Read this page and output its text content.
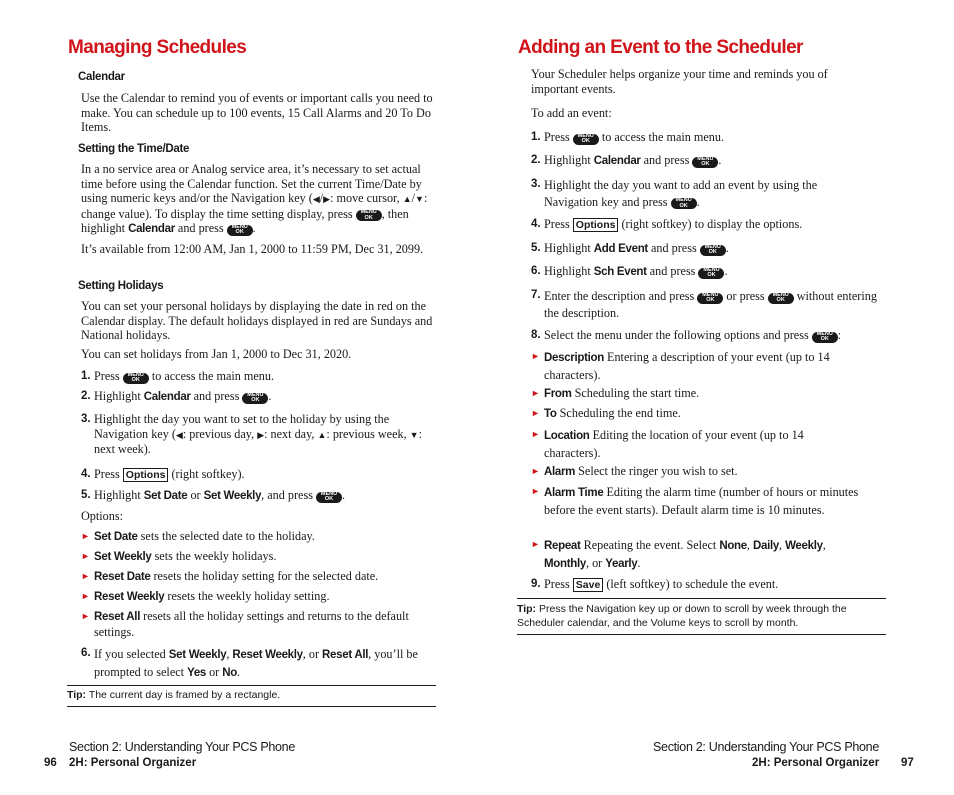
Managing Schedules
Calendar

Use the Calendar to remind you of events or important calls you need to make. You can schedule up to 100 events, 15 Call Alarms and 20 To Do Items.

Setting the Time/Date

In a no service area or Analog service area, it’s necessary to set actual time before using the Calendar function. Set the current Time/Date by using numeric keys and/or the Navigation key (◀/▶: move cursor, ▲/▼: change value). To display the time setting display, press MENU
OK , then highlight Calendar and press MENU
OK .

It’s available from 12:00 AM, Jan 1, 2000 to 11:59 PM, Dec 31, 2099.

Setting Holidays

You can set your personal holidays by displaying the date in red on the Calendar display. The default holidays displayed in red are Sundays and National holidays.

You can set holidays from Jan 1, 2000 to Dec 31, 2020.

1. Press MENU
OK to access the main menu.

2. Highlight Calendar and press MENU
OK .

3. Highlight the day you want to set to the holiday by using the Navigation key (◀: previous day, ▶: next day, ▲: previous week, ▼: next week).

4. Press Options (right softkey).

5. Highlight Set Date or Set Weekly, and press MENU
OK .

Options:

► Set Date sets the selected date to the holiday.

► Set Weekly sets the weekly holidays.

► Reset Date resets the holiday setting for the selected date.

► Reset Weekly resets the weekly holiday setting.

► Reset All resets all the holiday settings and returns to the default settings.

6. If you selected Set Weekly, Reset Weekly, or Reset All, you’ll be prompted to select Yes or No.

Tip: The current day is framed by a rectangle.
Section 2: Understanding Your PCS Phone
96 2H: Personal Organizer
Adding an Event to the Scheduler

Your Scheduler helps organize your time and reminds you of important events.

To add an event:

1. Press MENU
OK to access the main menu.

2. Highlight Calendar and press MENU
OK .

3. Highlight the day you want to add an event by using the Navigation key and press MENU
OK .

4. Press Options (right softkey) to display the options.

5. Highlight Add Event and press MENU
OK .

6. Highlight Sch Event and press MENU
OK .

7. Enter the description and press MENU
OK or press MENU
OK without entering the description.

8. Select the menu under the following options and press MENU
OK :

► Description Entering a description of your event (up to 14 characters).

► From Scheduling the start time.

► To Scheduling the end time.

► Location Editing the location of your event (up to 14 characters).

► Alarm Select the ringer you wish to set.

► Alarm Time Editing the alarm time (number of hours or minutes before the event starts). Default alarm time is 10 minutes.

► Repeat Repeating the event. Select None, Daily, Weekly, Monthly, or Yearly.

9. Press Save (left softkey) to schedule the event.

Tip: Press the Navigation key up or down to scroll by week through the Scheduler calendar, and the Volume keys to scroll by month.
Section 2: Understanding Your PCS Phone
2H: Personal Organizer 97
